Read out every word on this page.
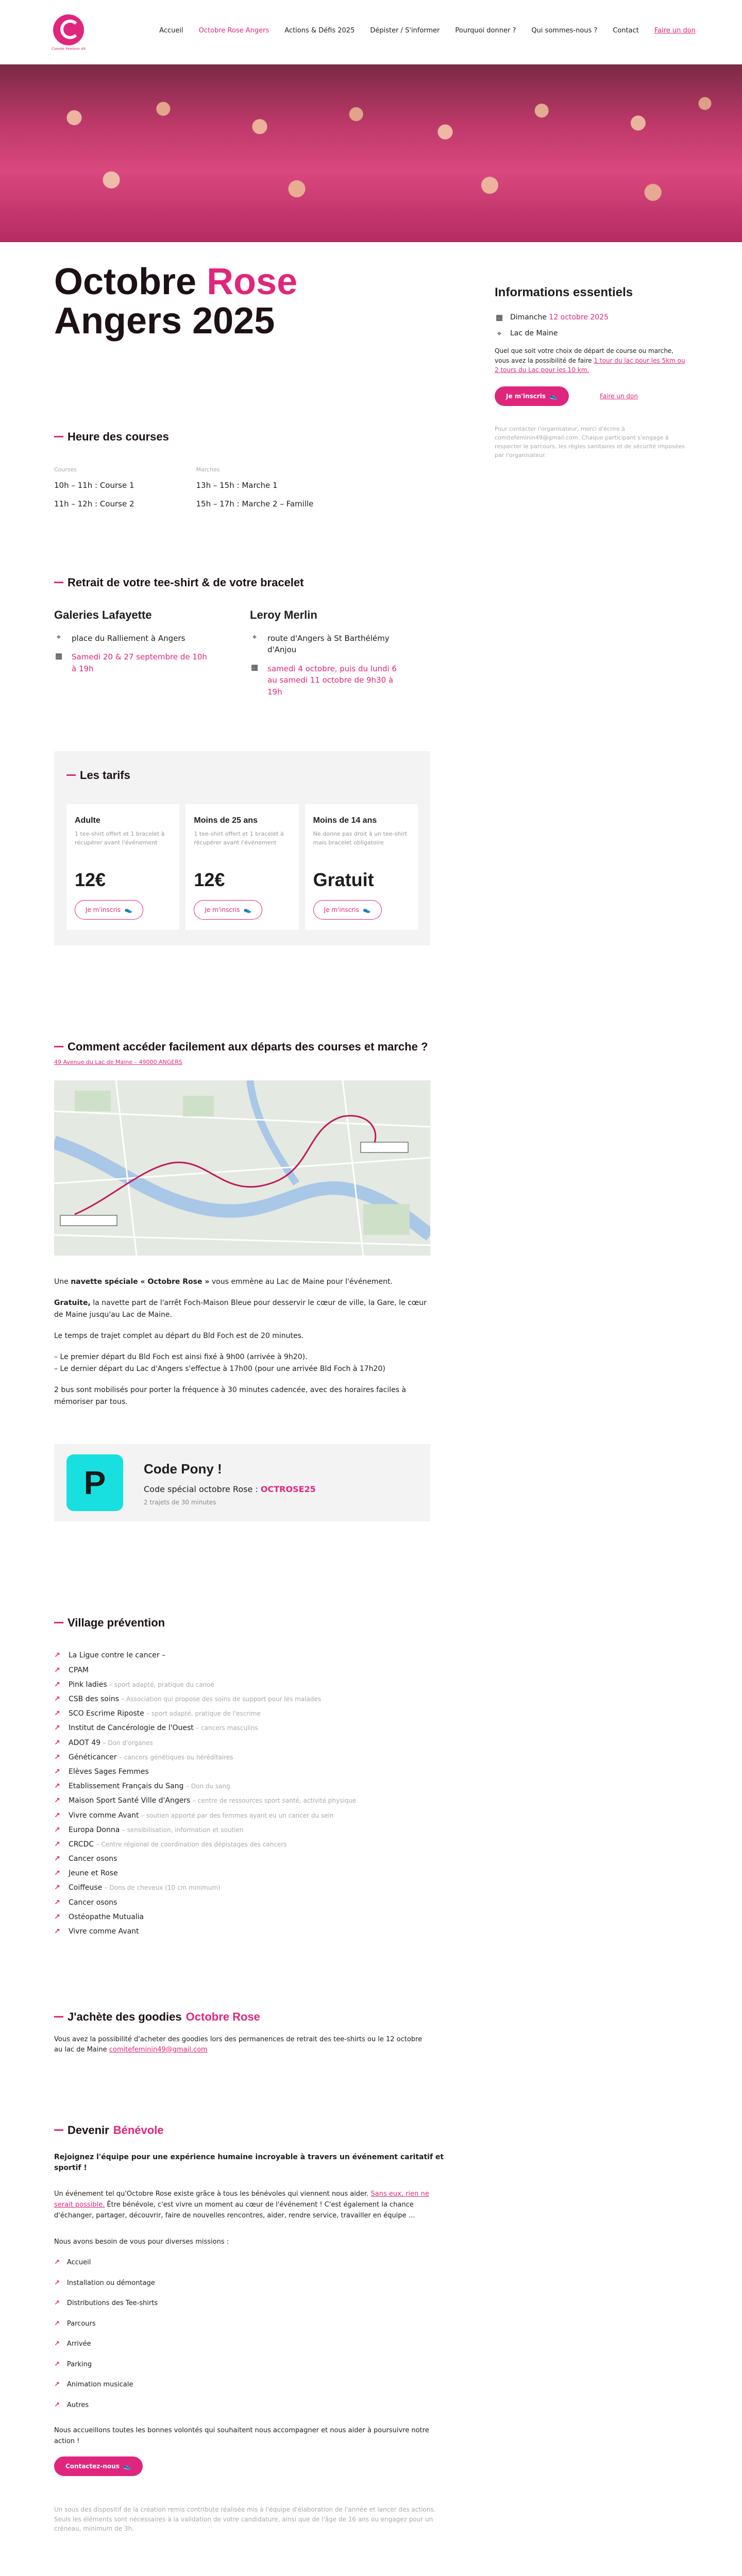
Comité Féminin 49
Accueil Octobre Rose Angers Actions & Défis 2025 Dépister / S'informer Pourquoi donner ? Qui sommes-nous ? Contact Faire un don
Informations essentiels
▦ Dimanche 12 octobre 2025
⌖	Lac de Maine
Quel que soit votre choix de départ de course ou marche, vous avez la possibilité de faire 1 tour du lac pour les 5km ou 2 tours du Lac pour les 10 km.
Je m'inscris 👟	Faire un don
Pour contacter l'organisateur, merci d'écrire à comitefeminin49@gmail.com. Chaque participant s'engage à respecter le parcours, les règles sanitaires et de sécurité imposées par l'organisateur.
Octobre Rose
Angers 2025
Heure des courses
Courses
10h – 11h : Course 1
11h – 12h : Course 2
Marches
13h – 15h : Marche 1
15h – 17h : Marche 2 – Famille
Retrait de votre tee-shirt & de votre bracelet
Galeries Lafayette
⌖	place du Ralliement à Angers
▦ Samedi 20 & 27 septembre de 10h à 19h
Leroy Merlin
⌖	route d'Angers à St Barthélémy d'Anjou
▦ samedi 4 octobre, puis du lundi 6 au samedi 11 octobre de 9h30 à 19h
Les tarifs
Adulte

1 tee-shirt offert et 1 bracelet à récupérer avant l'événement

12€
Je m'inscris 👟
Moins de 25 ans

1 tee-shirt offert et 1 bracelet à récupérer avant l'événement

12€
Je m'inscris 👟
Moins de 14 ans

Ne donne pas droit à un tee-shirt mais bracelet obligatoire

Gratuit
Je m'inscris 👟
Comment accéder facilement aux départs des courses et marche ?
49 Avenue du Lac de Maine – 49000 ANGERS

Une navette spéciale « Octobre Rose » vous emmène au Lac de Maine pour l'événement.

Gratuite, la navette part de l'arrêt Foch-Maison Bleue pour desservir le cœur de ville, la Gare, le cœur de Maine jusqu'au Lac de Maine.

Le temps de trajet complet au départ du Bld Foch est de 20 minutes.

– Le premier départ du Bld Foch est ainsi fixé à 9h00 (arrivée à 9h20).
– Le dernier départ du Lac d'Angers s'effectue à 17h00 (pour une arrivée Bld Foch à 17h20)

2 bus sont mobilisés pour porter la fréquence à 30 minutes cadencée, avec des horaires faciles à mémoriser par tous.

P	Code Pony !
Code spécial octobre Rose : OCTROSE25
2 trajets de 30 minutes
Village prévention
↗ La Ligue contre le cancer –
↗ CPAM
↗ Pink ladies – sport adapté, pratique du canoë
↗ CSB des soins – Association qui propose des soins de support pour les malades
↗ SCO Escrime Riposte – sport adapté, pratique de l'escrime
↗ Institut de Cancérologie de l'Ouest – cancers masculins
↗ ADOT 49 – Don d'organes
↗ Généticancer – cancers génétiques ou héréditaires
↗ Elèves Sages Femmes
↗ Etablissement Français du Sang – Don du sang
↗ Maison Sport Santé Ville d'Angers – centre de ressources sport santé, activité physique
↗ Vivre comme Avant – soutien apporté par des femmes ayant eu un cancer du sein
↗ Europa Donna – sensibilisation, information et soutien
↗ CRCDC – Centre régional de coordination des dépistages des cancers
↗ Cancer osons
↗ Jeune et Rose
↗ Coiffeuse – Dons de cheveux (10 cm minimum)
↗ Cancer osons
↗ Ostéopathe Mutualia
↗ Vivre comme Avant
J'achète des goodies Octobre Rose

Vous avez la possibilité d'acheter des goodies lors des permanences de retrait des tee-shirts ou le 12 octobre au lac de Maine comitefeminin49@gmail.com

Devenir Bénévole
Rejoignez l'équipe pour une expérience humaine incroyable à travers un événement caritatif et sportif !
Un événement tel qu'Octobre Rose existe grâce à tous les bénévoles qui viennent nous aider. Sans eux, rien ne serait possible. Être bénévole, c'est vivre un moment au cœur de l'événement ! C'est également la chance d'échanger, partager, découvrir, faire de nouvelles rencontres, aider, rendre service, travailler en équipe …
Nous avons besoin de vous pour diverses missions :
↗ Accueil
↗ Installation ou démontage
↗ Distributions des Tee-shirts
↗ Parcours
↗ Arrivée
↗ Parking
↗ Animation musicale
↗ Autres
Nous accueillons toutes les bonnes volontés qui souhaitent nous accompagner et nous aider à poursuivre notre action !
Contactez-nous 👟
Un sous des dispositif de la création remis contribute réalisée mis à l'équipe d'élaboration de l'année et lancer des actions. Seuls les éléments sont nécessaires à la validation de votre candidature, ainsi que de l'âge de 16 ans ou engagez pour un créneau, minimum de 3h.
